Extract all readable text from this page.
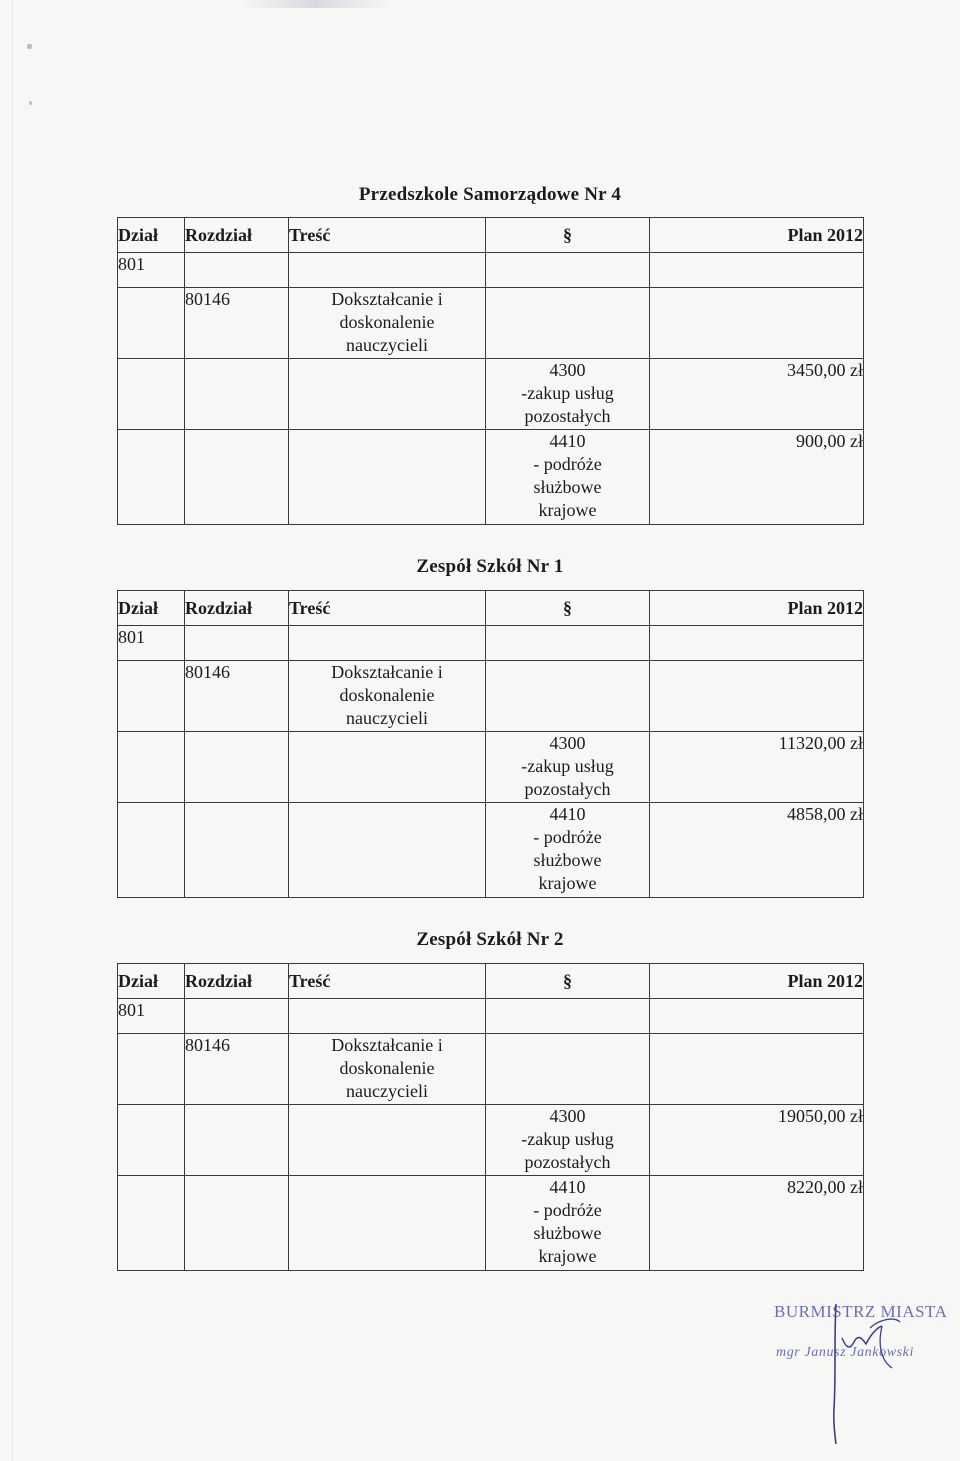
Przedszkole Samorządowe Nr 4
Dział	Rozdział	Treść	§	Plan 2012
801				
	80146	Dokształcanie i
doskonalenie
nauczycieli		

			4300
-zakup usług
pozostałych	3450,00 zł

			4410
- podróże
służbowe
krajowe	900,00 zł
Zespół Szkół Nr 1
Dział	Rozdział	Treść	§	Plan 2012
801				
	80146	Dokształcanie i
doskonalenie
nauczycieli		

			4300
-zakup usług
pozostałych	11320,00 zł

			4410
- podróże
służbowe
krajowe	4858,00 zł
Zespół Szkół Nr 2
Dział	Rozdział	Treść	§	Plan 2012
801				
	80146	Dokształcanie i
doskonalenie
nauczycieli		

			4300
-zakup usług
pozostałych	19050,00 zł

			4410
- podróże
służbowe
krajowe	8220,00 zł
BURMISTRZ MIASTA
mgr Janusz Jankowski
